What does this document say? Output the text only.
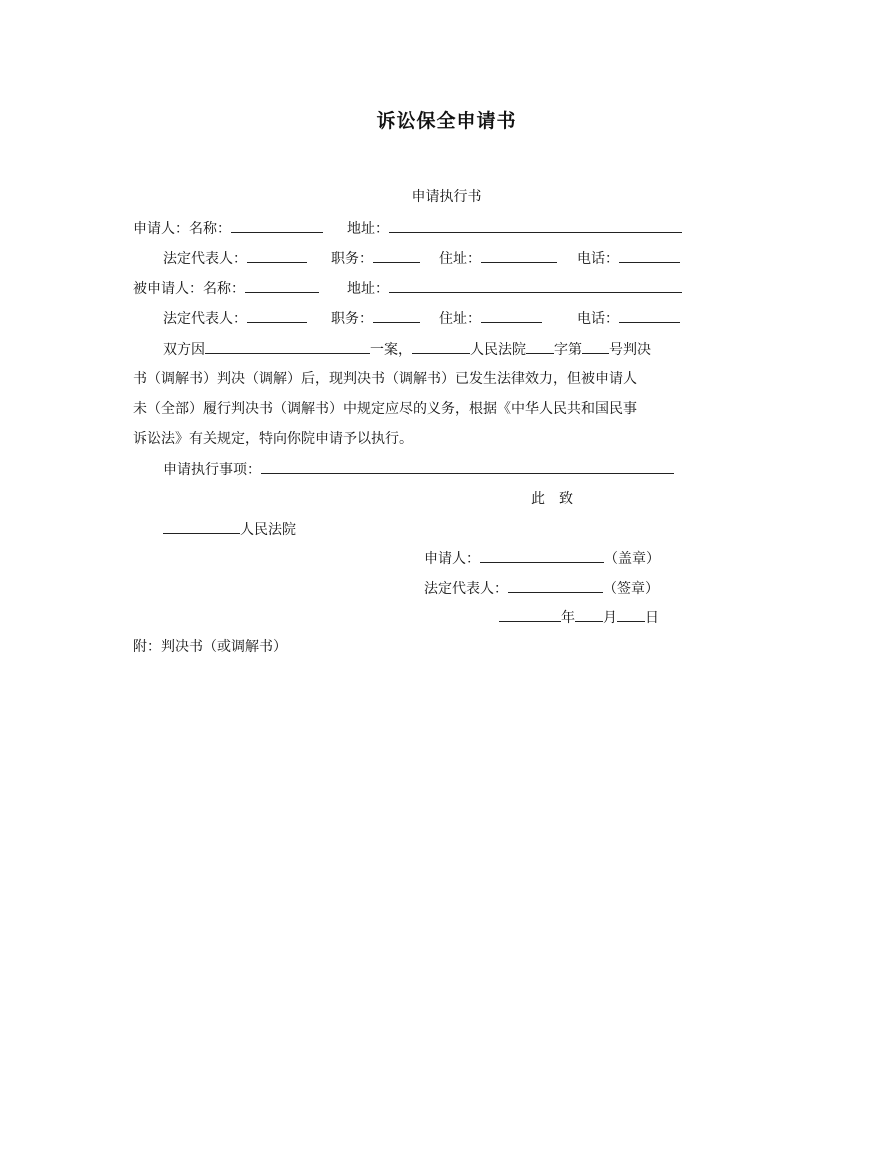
诉讼保全申请书
申请执行书
申请人：名称：	地址：
法定代表人：	职务：	住址：	电话：
被申请人：名称：	地址：
法定代表人：	职务：	住址：	电话：
双方因	一案，	人民法院 字第 号判决
书（调解书）判决（调解）后，现判决书（调解书）已发生法律效力，但被申请人
未（全部）履行判决书（调解书）中规定应尽的义务，根据《中华人民共和国民事
诉讼法》有关规定，特向你院申请予以执行。
申请执行事项：
此　致
人民法院
申请人：	（盖章）
法定代表人：	（签章）
年 月 日
附：判决书（或调解书）
